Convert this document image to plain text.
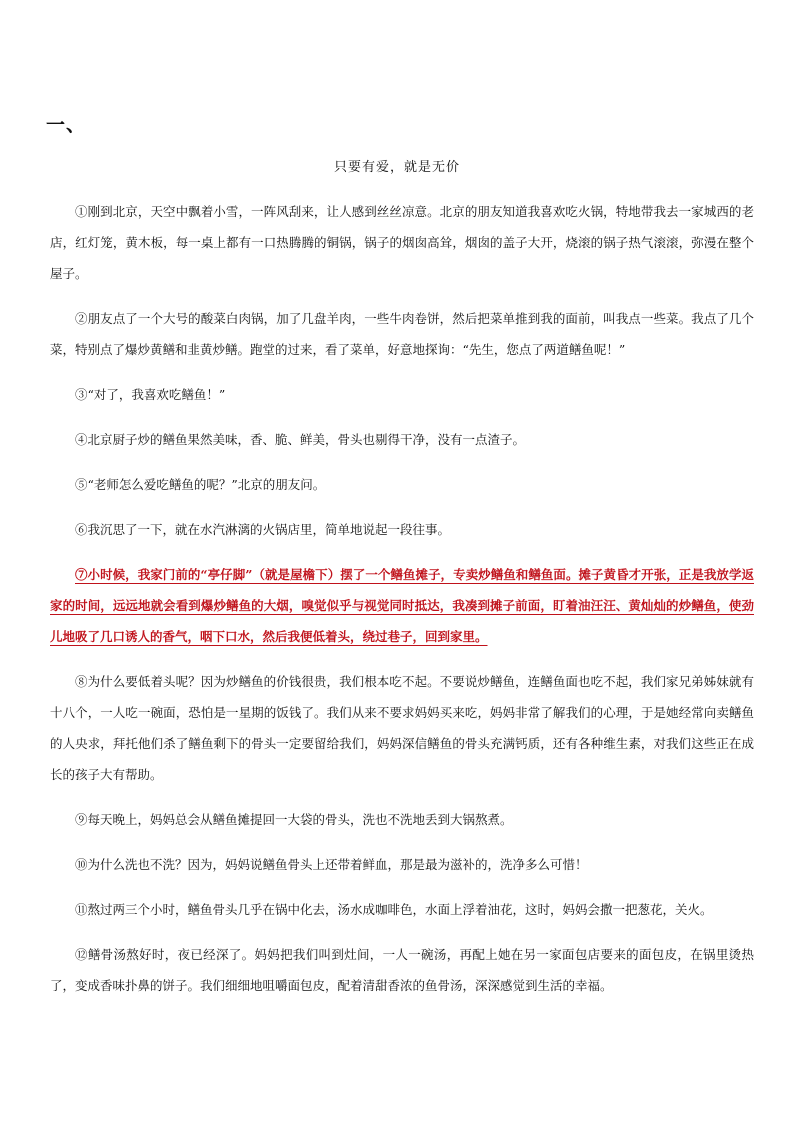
一、
只要有爱，就是无价

①刚到北京，天空中飘着小雪，一阵风刮来，让人感到丝丝凉意。北京的朋友知道我喜欢吃火锅，特地带我去一家城西的老店，红灯笼，黄木板，每一桌上都有一口热腾腾的铜锅，锅子的烟囱高耸，烟囱的盖子大开，烧滚的锅子热气滚滚，弥漫在整个屋子。

②朋友点了一个大号的酸菜白肉锅，加了几盘羊肉，一些牛肉卷饼，然后把菜单推到我的面前，叫我点一些菜。我点了几个菜，特别点了爆炒黄鳝和韭黄炒鳝。跑堂的过来，看了菜单，好意地探询：“先生，您点了两道鳝鱼呢！”

③“对了，我喜欢吃鳝鱼！”

④北京厨子炒的鳝鱼果然美味，香、脆、鲜美，骨头也剔得干净，没有一点渣子。

⑤“老师怎么爱吃鳝鱼的呢？”北京的朋友问。

⑥我沉思了一下，就在水汽淋漓的火锅店里，简单地说起一段往事。

⑦小时候，我家门前的“亭仔脚”（就是屋檐下）摆了一个鳝鱼摊子，专卖炒鳝鱼和鳝鱼面。摊子黄昏才开张，正是我放学返家的时间，远远地就会看到爆炒鳝鱼的大烟，嗅觉似乎与视觉同时抵达，我凑到摊子前面，盯着油汪汪、黄灿灿的炒鳝鱼，使劲儿地吸了几口诱人的香气，咽下口水，然后我便低着头，绕过巷子，回到家里。

⑧为什么要低着头呢？因为炒鳝鱼的价钱很贵，我们根本吃不起。不要说炒鳝鱼，连鳝鱼面也吃不起，我们家兄弟姊妹就有十八个，一人吃一碗面，恐怕是一星期的饭钱了。我们从来不要求妈妈买来吃，妈妈非常了解我们的心理，于是她经常向卖鳝鱼的人央求，拜托他们杀了鳝鱼剩下的骨头一定要留给我们，妈妈深信鳝鱼的骨头充满钙质，还有各种维生素，对我们这些正在成长的孩子大有帮助。

⑨每天晚上，妈妈总会从鳝鱼摊提回一大袋的骨头，洗也不洗地丢到大锅熬煮。

⑩为什么洗也不洗？因为，妈妈说鳝鱼骨头上还带着鲜血，那是最为滋补的，洗净多么可惜！

⑪熬过两三个小时，鳝鱼骨头几乎在锅中化去，汤水成咖啡色，水面上浮着油花，这时，妈妈会撒一把葱花，关火。

⑫鳝骨汤熬好时，夜已经深了。妈妈把我们叫到灶间，一人一碗汤，再配上她在另一家面包店要来的面包皮，在锅里烫热了，变成香味扑鼻的饼子。我们细细地咀嚼面包皮，配着清甜香浓的鱼骨汤，深深感觉到生活的幸福。
